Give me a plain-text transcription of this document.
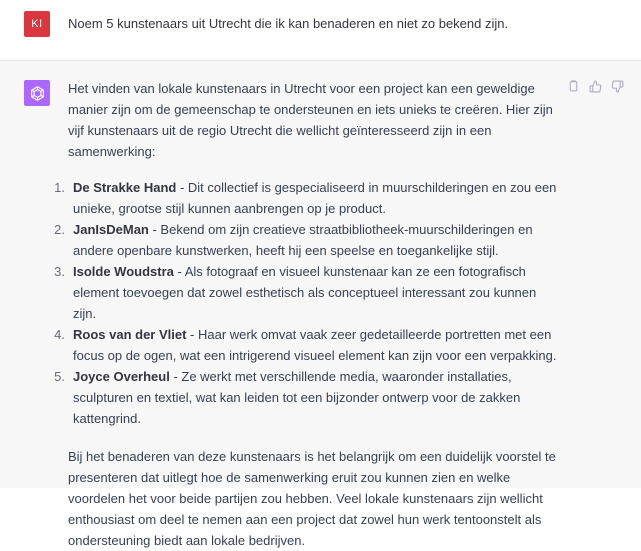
KI	Noem 5 kunstenaars uit Utrecht die ik kan benaderen en niet zo bekend zijn.

Het vinden van lokale kunstenaars in Utrecht voor een project kan een geweldige manier zijn om de gemeenschap te ondersteunen en iets unieks te creëren. Hier zijn vijf kunstenaars uit de regio Utrecht die wellicht geïnteresseerd zijn in een samenwerking:

1. De Strakke Hand - Dit collectief is gespecialiseerd in muurschilderingen en zou een unieke, grootse stijl kunnen aanbrengen op je product.
2. JanIsDeMan - Bekend om zijn creatieve straatbibliotheek-muurschilderingen en andere openbare kunstwerken, heeft hij een speelse en toegankelijke stijl.
3. Isolde Woudstra - Als fotograaf en visueel kunstenaar kan ze een fotografisch element toevoegen dat zowel esthetisch als conceptueel interessant zou kunnen zijn.
4. Roos van der Vliet - Haar werk omvat vaak zeer gedetailleerde portretten met een focus op de ogen, wat een intrigerend visueel element kan zijn voor een verpakking.
5. Joyce Overheul - Ze werkt met verschillende media, waaronder installaties, sculpturen en textiel, wat kan leiden tot een bijzonder ontwerp voor de zakken kattengrind.

Bij het benaderen van deze kunstenaars is het belangrijk om een duidelijk voorstel te presenteren dat uitlegt hoe de samenwerking eruit zou kunnen zien en welke voordelen het voor beide partijen zou hebben. Veel lokale kunstenaars zijn wellicht enthousiast om deel te nemen aan een project dat zowel hun werk tentoonstelt als ondersteuning biedt aan lokale bedrijven.
